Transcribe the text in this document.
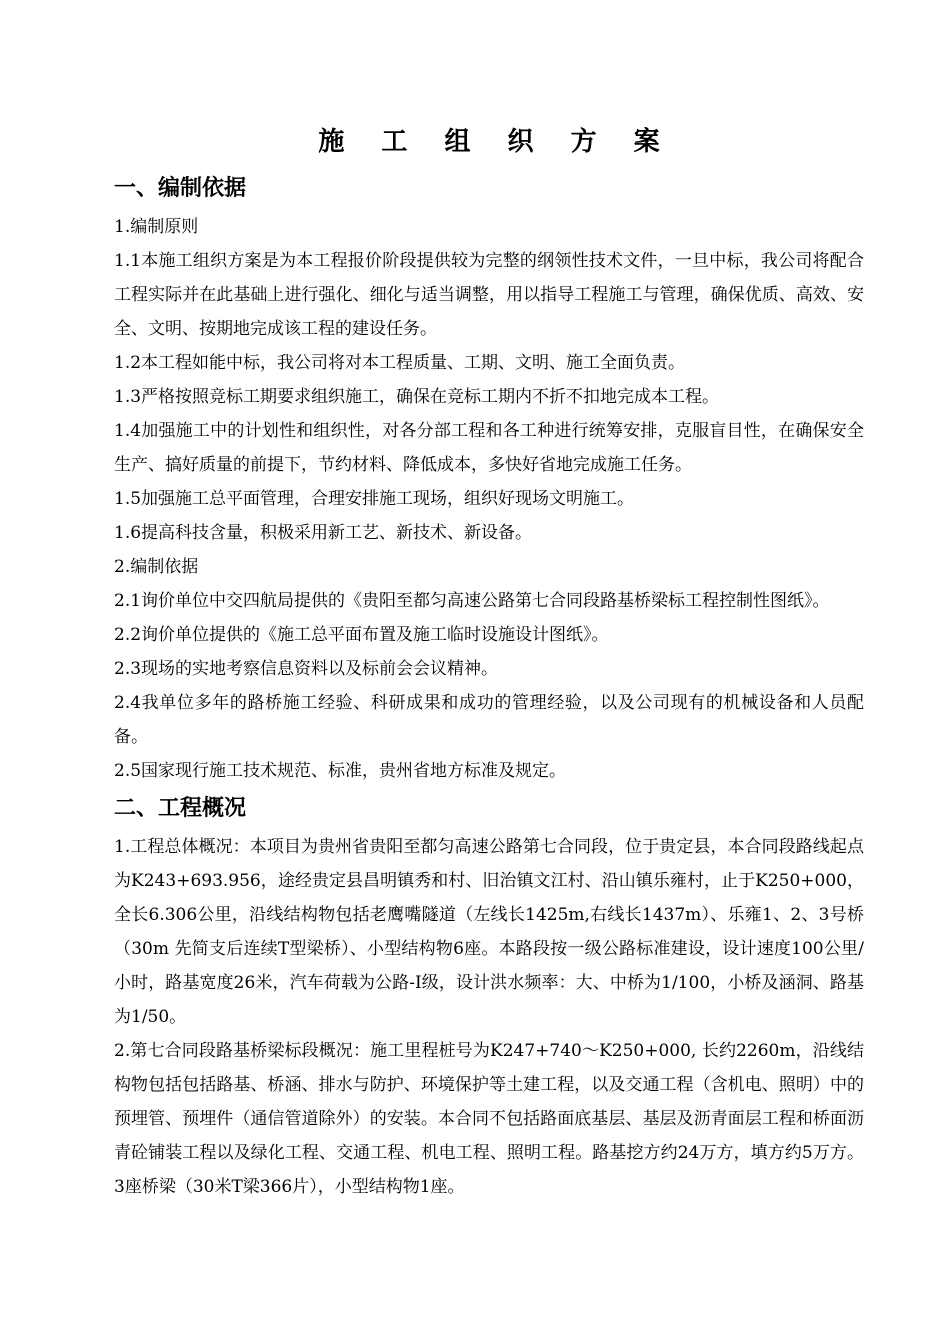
施 工 组 织 方 案
一、编制依据

1.编制原则

1.1本施工组织方案是为本工程报价阶段提供较为完整的纲领性技术文件，一旦中标，我公司将配合工程实际并在此基础上进行强化、细化与适当调整，用以指导工程施工与管理，确保优质、高效、安全、文明、按期地完成该工程的建设任务。

1.2本工程如能中标，我公司将对本工程质量、工期、文明、施工全面负责。

1.3严格按照竞标工期要求组织施工，确保在竞标工期内不折不扣地完成本工程。

1.4加强施工中的计划性和组织性，对各分部工程和各工种进行统筹安排，克服盲目性，在确保安全生产、搞好质量的前提下，节约材料、降低成本，多快好省地完成施工任务。

1.5加强施工总平面管理，合理安排施工现场，组织好现场文明施工。

1.6提高科技含量，积极采用新工艺、新技术、新设备。

2.编制依据

2.1询价单位中交四航局提供的《贵阳至都匀高速公路第七合同段路基桥梁标工程控制性图纸》。

2.2询价单位提供的《施工总平面布置及施工临时设施设计图纸》。

2.3现场的实地考察信息资料以及标前会会议精神。

2.4我单位多年的路桥施工经验、科研成果和成功的管理经验，以及公司现有的机械设备和人员配备。

2.5国家现行施工技术规范、标准，贵州省地方标准及规定。

二、工程概况

1.工程总体概况：本项目为贵州省贵阳至都匀高速公路第七合同段，位于贵定县，本合同段路线起点为K243+693.956，途经贵定县昌明镇秀和村、旧治镇文江村、沿山镇乐雍村，止于K250+000，全长6.306公里，沿线结构物包括老鹰嘴隧道（左线长1425m,右线长1437m）、乐雍1、2、3号桥（30m 先简支后连续T型梁桥）、小型结构物6座。本路段按一级公路标准建设，设计速度100公里/小时，路基宽度26米，汽车荷载为公路-I级，设计洪水频率：大、中桥为1/100，小桥及涵洞、路基为1/50。

2.第七合同段路基桥梁标段概况：施工里程桩号为K247+740～K250+000, 长约2260m，沿线结构物包括包括路基、桥涵、排水与防护、环境保护等土建工程，以及交通工程（含机电、照明）中的预埋管、预埋件（通信管道除外）的安装。本合同不包括路面底基层、基层及沥青面层工程和桥面沥青砼铺装工程以及绿化工程、交通工程、机电工程、照明工程。路基挖方约24万方，填方约5万方。3座桥梁（30米T梁366片），小型结构物1座。
